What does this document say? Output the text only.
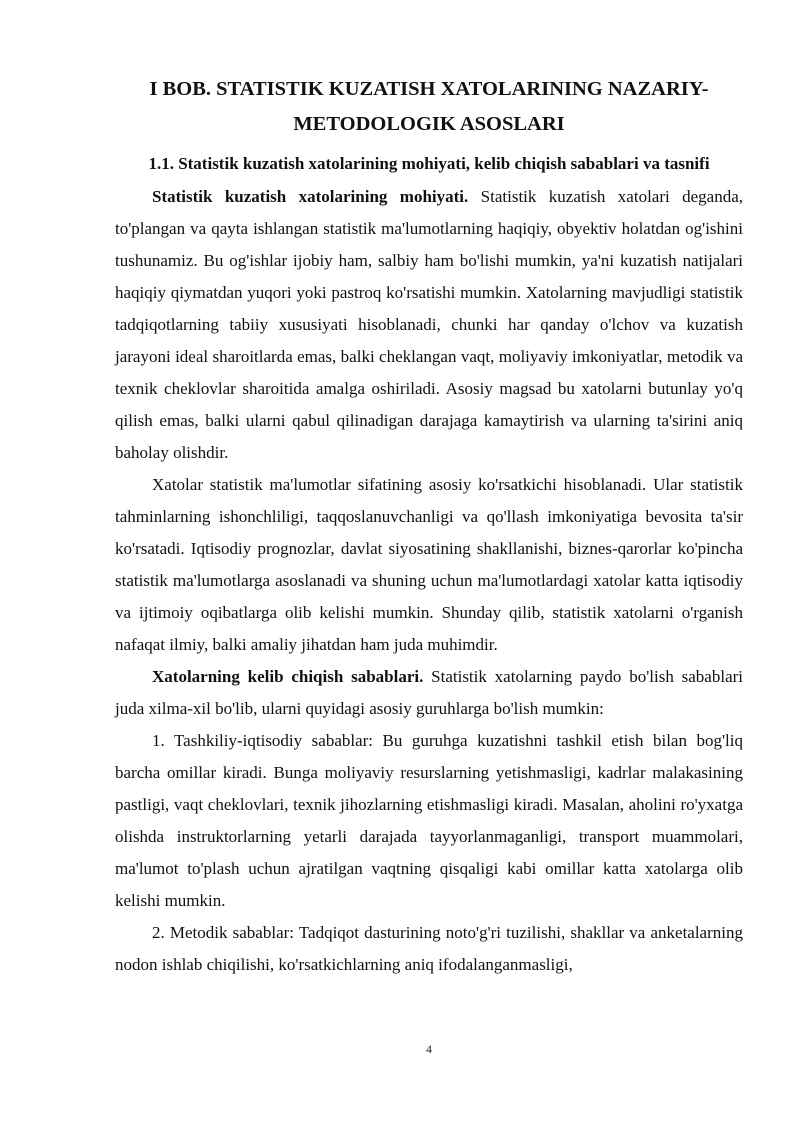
I BOB. STATISTIK KUZATISH XATOLARINING NAZARIY-METODOLOGIK ASOSLARI
1.1. Statistik kuzatish xatolarining mohiyati, kelib chiqish sabablari va tasnifi

Statistik kuzatish xatolarining mohiyati. Statistik kuzatish xatolari deganda, to'plangan va qayta ishlangan statistik ma'lumotlarning haqiqiy, obyektiv holatdan og'ishini tushunamiz. Bu og'ishlar ijobiy ham, salbiy ham bo'lishi mumkin, ya'ni kuzatish natijalari haqiqiy qiymatdan yuqori yoki pastroq ko'rsatishi mumkin. Xatolarning mavjudligi statistik tadqiqotlarning tabiiy xususiyati hisoblanadi, chunki har qanday o'lchov va kuzatish jarayoni ideal sharoitlarda emas, balki cheklangan vaqt, moliyaviy imkoniyatlar, metodik va texnik cheklovlar sharoitida amalga oshiriladi. Asosiy magsad bu xatolarni butunlay yo'q qilish emas, balki ularni qabul qilinadigan darajaga kamaytirish va ularning ta'sirini aniq baholay olishdir.

Xatolar statistik ma'lumotlar sifatining asosiy ko'rsatkichi hisoblanadi. Ular statistik tahminlarning ishonchliligi, taqqoslanuvchanligi va qo'llash imkoniyatiga bevosita ta'sir ko'rsatadi. Iqtisodiy prognozlar, davlat siyosatining shakllanishi, biznes-qarorlar ko'pincha statistik ma'lumotlarga asoslanadi va shuning uchun ma'lumotlardagi xatolar katta iqtisodiy va ijtimoiy oqibatlarga olib kelishi mumkin. Shunday qilib, statistik xatolarni o'rganish nafaqat ilmiy, balki amaliy jihatdan ham juda muhimdir.

Xatolarning kelib chiqish sabablari. Statistik xatolarning paydo bo'lish sabablari juda xilma-xil bo'lib, ularni quyidagi asosiy guruhlarga bo'lish mumkin:

1. Tashkiliy-iqtisodiy sabablar: Bu guruhga kuzatishni tashkil etish bilan bog'liq barcha omillar kiradi. Bunga moliyaviy resurslarning yetishmasligi, kadrlar malakasining pastligi, vaqt cheklovlari, texnik jihozlarning etishmasligi kiradi. Masalan, aholini ro'yxatga olishda instruktorlarning yetarli darajada tayyorlanmaganligi, transport muammolari, ma'lumot to'plash uchun ajratilgan vaqtning qisqaligi kabi omillar katta xatolarga olib kelishi mumkin.

2. Metodik sabablar: Tadqiqot dasturining noto'g'ri tuzilishi, shakllar va anketalarning nodon ishlab chiqilishi, ko'rsatkichlarning aniq ifodalanganmasligi,

4
